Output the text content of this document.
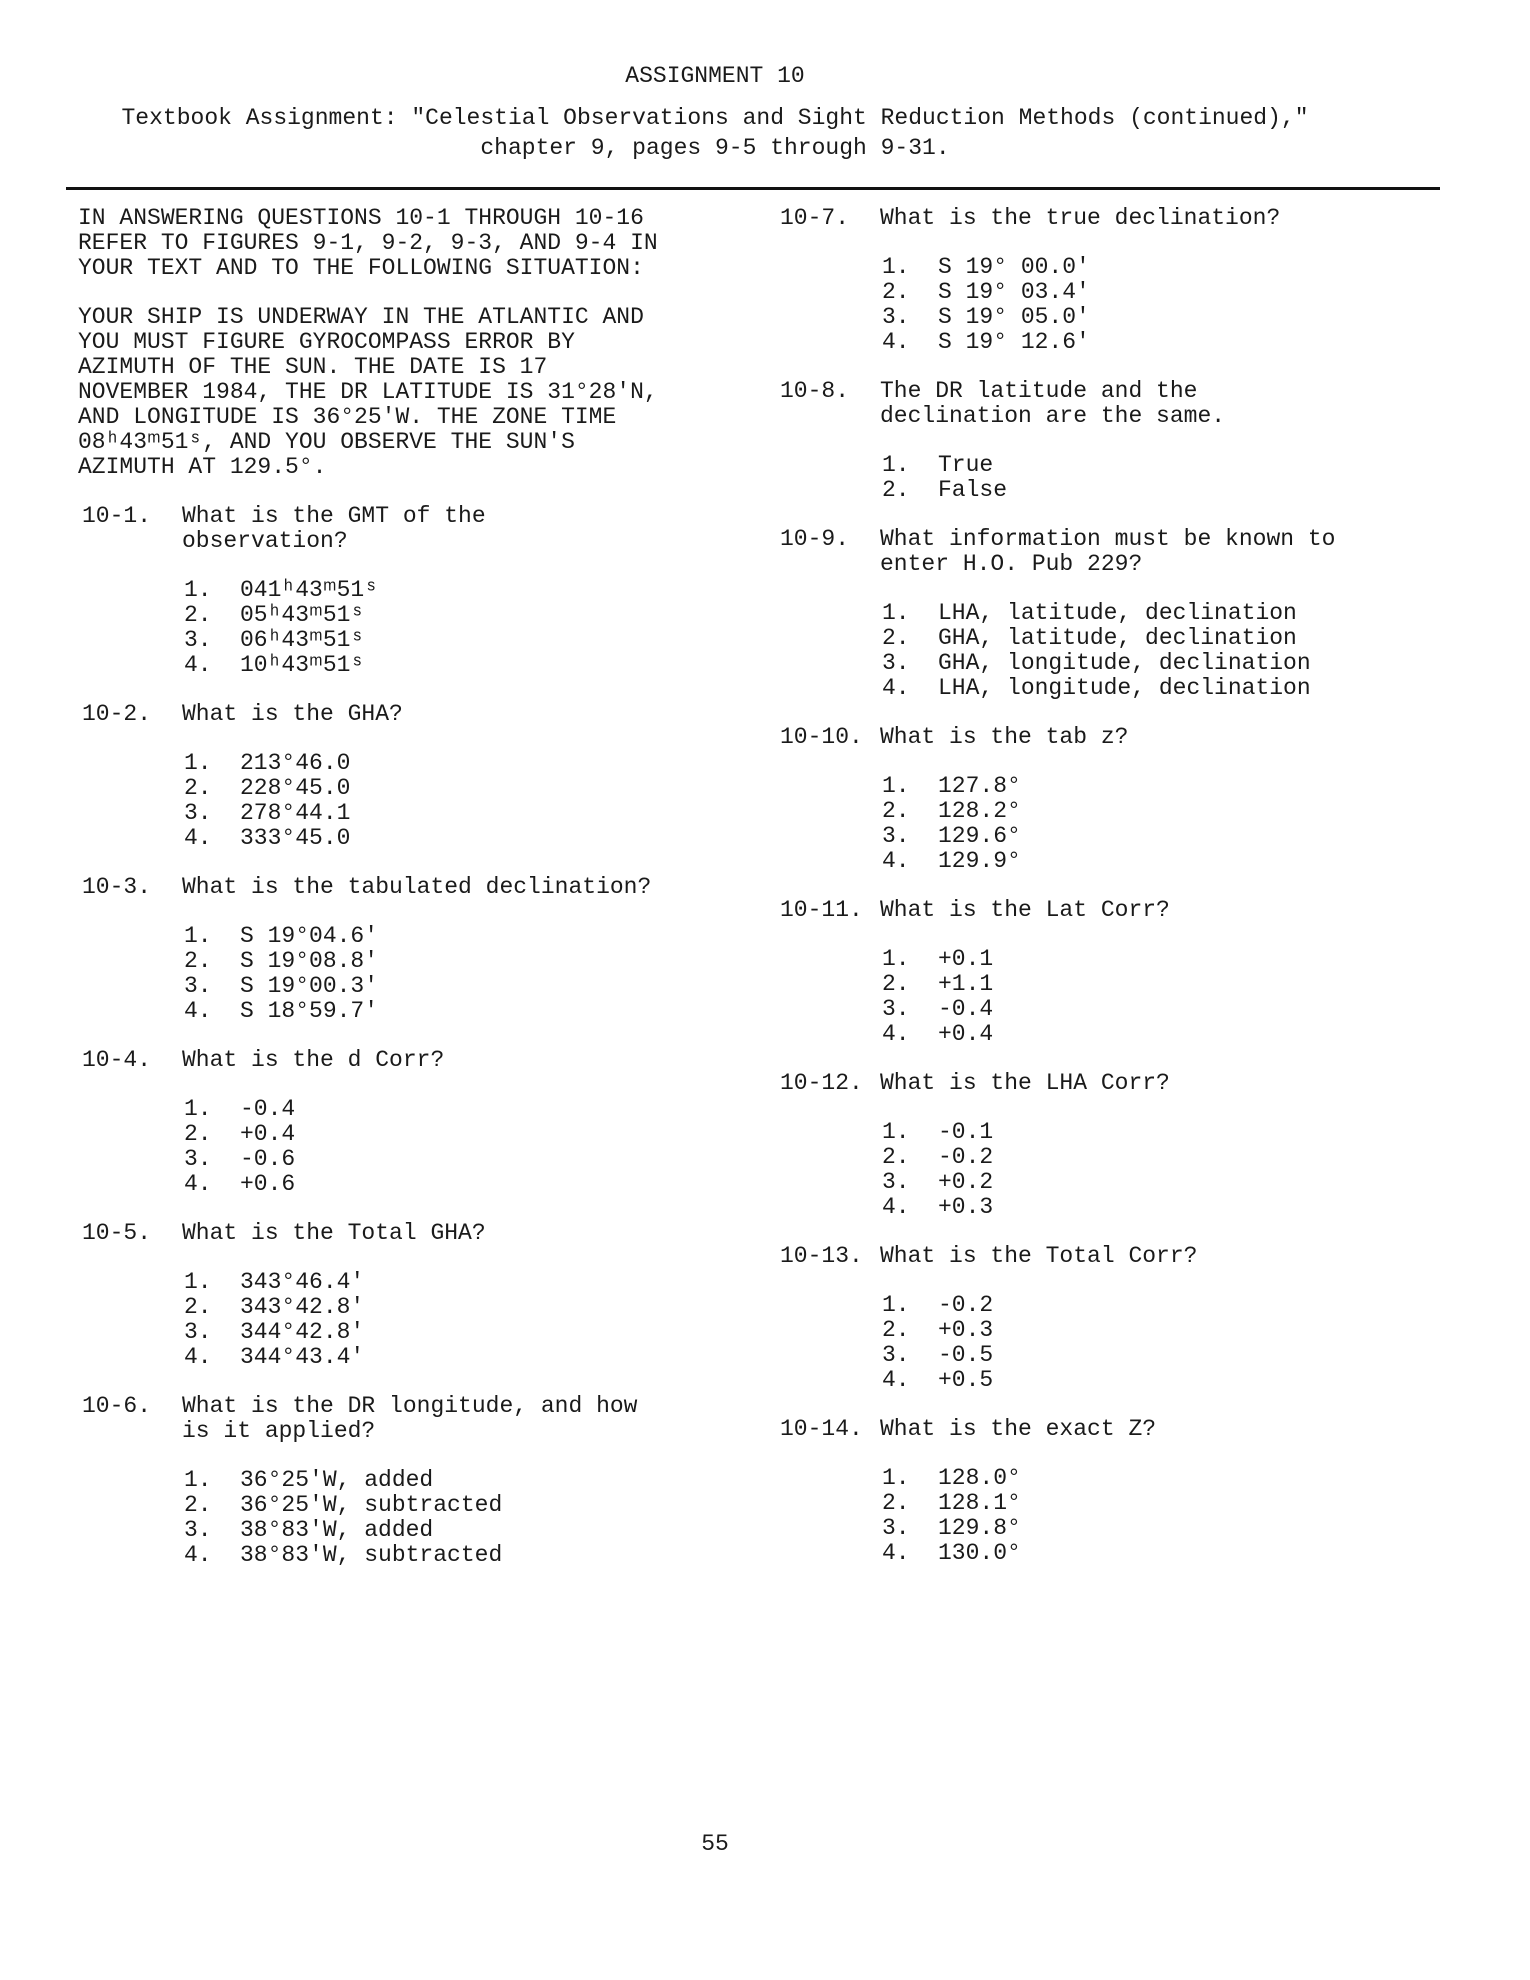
ASSIGNMENT 10
Textbook Assignment: "Celestial Observations and Sight Reduction Methods (continued),"
chapter 9, pages 9-5 through 9-31.
IN ANSWERING QUESTIONS 10-1 THROUGH 10-16
REFER TO FIGURES 9-1, 9-2, 9-3, AND 9-4 IN
YOUR TEXT AND TO THE FOLLOWING SITUATION:
YOUR SHIP IS UNDERWAY IN THE ATLANTIC AND
YOU MUST FIGURE GYROCOMPASS ERROR BY
AZIMUTH OF THE SUN. THE DATE IS 17
NOVEMBER 1984, THE DR LATITUDE IS 31°28'N,
AND LONGITUDE IS 36°25'W. THE ZONE TIME
08ʰ43ᵐ51ˢ, AND YOU OBSERVE THE SUN'S
AZIMUTH AT 129.5°.
10-1.	What is the GMT of the
observation?
1.	041ʰ43ᵐ51ˢ
2.	05ʰ43ᵐ51ˢ
3.	06ʰ43ᵐ51ˢ
4.	10ʰ43ᵐ51ˢ
10-2.	What is the GHA?
1.	213°46.0
2.	228°45.0
3.	278°44.1
4.	333°45.0
10-3.	What is the tabulated declination?
1.	S 19°04.6'
2.	S 19°08.8'
3.	S 19°00.3'
4.	S 18°59.7'
10-4.	What is the d Corr?
1.	-0.4
2.	+0.4
3.	-0.6
4.	+0.6
10-5.	What is the Total GHA?
1.	343°46.4'
2.	343°42.8'
3.	344°42.8'
4.	344°43.4'
10-6.	What is the DR longitude, and how
is it applied?
1.	36°25'W, added
2.	36°25'W, subtracted
3.	38°83'W, added
4.	38°83'W, subtracted
10-7.	What is the true declination?
1.	S 19° 00.0'
2.	S 19° 03.4'
3.	S 19° 05.0'
4.	S 19° 12.6'
10-8.	The DR latitude and the
declination are the same.
1.	True
2.	False
10-9.	What information must be known to
enter H.O. Pub 229?
1.	LHA, latitude, declination
2.	GHA, latitude, declination
3.	GHA, longitude, declination
4.	LHA, longitude, declination
10-10. What is the tab z?
1.	127.8°
2.	128.2°
3.	129.6°
4.	129.9°
10-11. What is the Lat Corr?
1.	+0.1
2.	+1.1
3.	-0.4
4.	+0.4
10-12. What is the LHA Corr?
1.	-0.1
2.	-0.2
3.	+0.2
4.	+0.3
10-13. What is the Total Corr?
1.	-0.2
2.	+0.3
3.	-0.5
4.	+0.5
10-14. What is the exact Z?
1.	128.0°
2.	128.1°
3.	129.8°
4.	130.0°
55
